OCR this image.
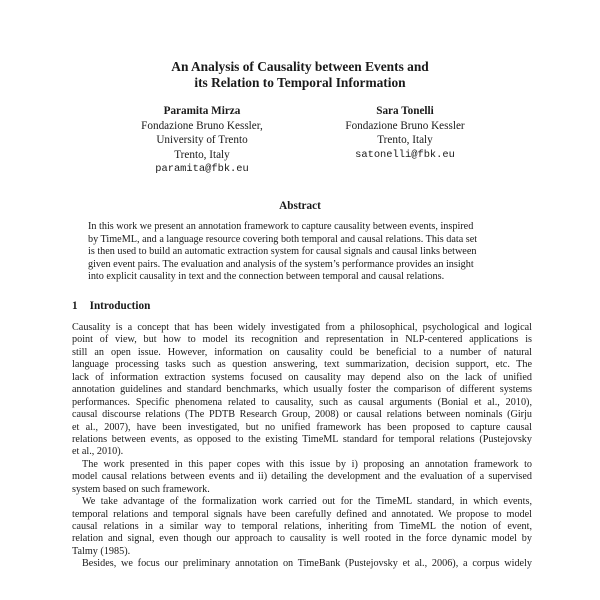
An Analysis of Causality between Events and
its Relation to Temporal Information
Paramita Mirza
Fondazione Bruno Kessler,
University of Trento
Trento, Italy
paramita@fbk.eu
Sara Tonelli
Fondazione Bruno Kessler
Trento, Italy
satonelli@fbk.eu
Abstract
In this work we present an annotation framework to capture causality between events, inspired
by TimeML, and a language resource covering both temporal and causal relations. This data set
is then used to build an automatic extraction system for causal signals and causal links between
given event pairs. The evaluation and analysis of the system’s performance provides an insight
into explicit causality in text and the connection between temporal and causal relations.
1 Introduction
Causality is a concept that has been widely investigated from a philosophical, psychological and logical
point of view, but how to model its recognition and representation in NLP-centered applications is
still an open issue. However, information on causality could be beneficial to a number of natural
language processing tasks such as question answering, text summarization, decision support, etc. The
lack of information extraction systems focused on causality may depend also on the lack of unified
annotation guidelines and standard benchmarks, which usually foster the comparison of different systems
performances. Specific phenomena related to causality, such as causal arguments (Bonial et al., 2010),
causal discourse relations (The PDTB Research Group, 2008) or causal relations between nominals (Girju
et al., 2007), have been investigated, but no unified framework has been proposed to capture causal
relations between events, as opposed to the existing TimeML standard for temporal relations (Pustejovsky
et al., 2010).
The work presented in this paper copes with this issue by i) proposing an annotation framework to
model causal relations between events and ii) detailing the development and the evaluation of a supervised
system based on such framework.
We take advantage of the formalization work carried out for the TimeML standard, in which events,
temporal relations and temporal signals have been carefully defined and annotated. We propose to model
causal relations in a similar way to temporal relations, inheriting from TimeML the notion of event,
relation and signal, even though our approach to causality is well rooted in the force dynamic model by
Talmy (1985).
Besides, we focus our preliminary annotation on TimeBank (Pustejovsky et al., 2006), a corpus widely
